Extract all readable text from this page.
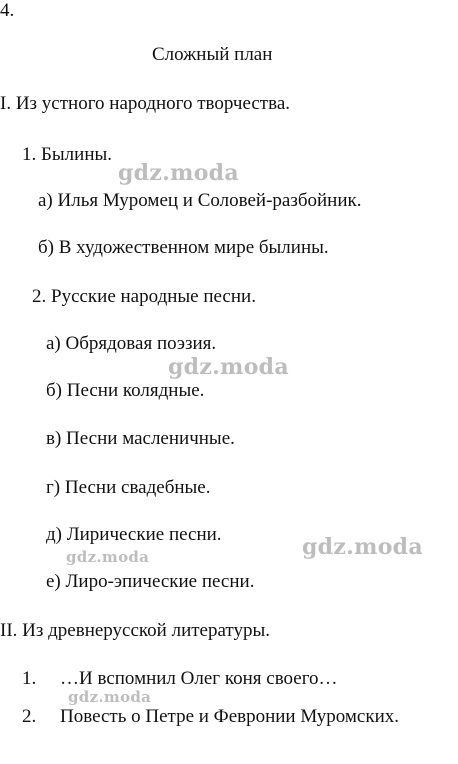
4.
Сложный план
I. Из устного народного творчества.
1. Былины.
а) Илья Муромец и Соловей-разбойник.
б) В художественном мире былины.
2. Русские народные песни.
а) Обрядовая поэзия.
б) Песни колядные.
в) Песни масленичные.
г) Песни свадебные.
д) Лирические песни.
е) Лиро-эпические песни.
II. Из древнерусской литературы.
1. …И вспомнил Олег коня своего…
2. Повесть о Петре и Февронии Муромских.
gdz.moda
gdz.moda
gdz.moda
gdz.moda
gdz.moda
